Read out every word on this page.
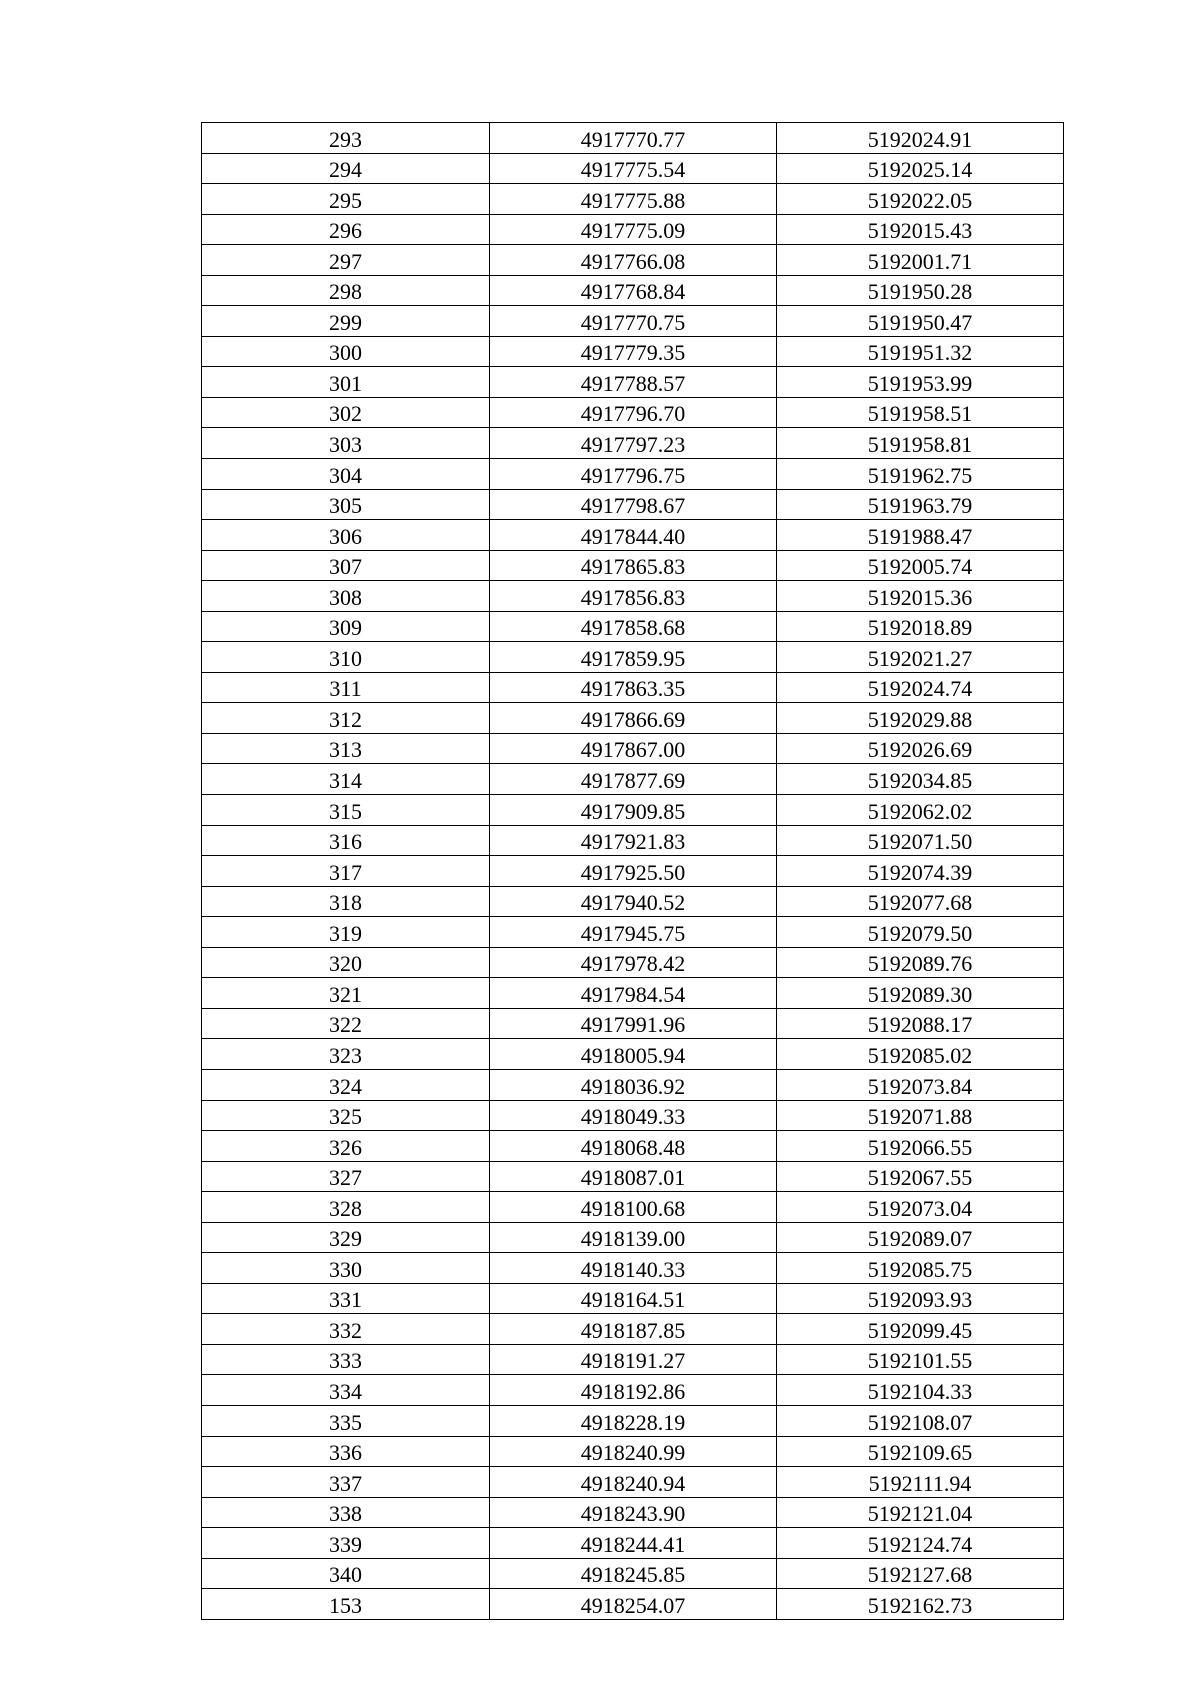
293	4917770.77	5192024.91
294	4917775.54	5192025.14
295	4917775.88	5192022.05
296	4917775.09	5192015.43
297	4917766.08	5192001.71
298	4917768.84	5191950.28
299	4917770.75	5191950.47
300	4917779.35	5191951.32
301	4917788.57	5191953.99
302	4917796.70	5191958.51
303	4917797.23	5191958.81
304	4917796.75	5191962.75
305	4917798.67	5191963.79
306	4917844.40	5191988.47
307	4917865.83	5192005.74
308	4917856.83	5192015.36
309	4917858.68	5192018.89
310	4917859.95	5192021.27
311	4917863.35	5192024.74
312	4917866.69	5192029.88
313	4917867.00	5192026.69
314	4917877.69	5192034.85
315	4917909.85	5192062.02
316	4917921.83	5192071.50
317	4917925.50	5192074.39
318	4917940.52	5192077.68
319	4917945.75	5192079.50
320	4917978.42	5192089.76
321	4917984.54	5192089.30
322	4917991.96	5192088.17
323	4918005.94	5192085.02
324	4918036.92	5192073.84
325	4918049.33	5192071.88
326	4918068.48	5192066.55
327	4918087.01	5192067.55
328	4918100.68	5192073.04
329	4918139.00	5192089.07
330	4918140.33	5192085.75
331	4918164.51	5192093.93
332	4918187.85	5192099.45
333	4918191.27	5192101.55
334	4918192.86	5192104.33
335	4918228.19	5192108.07
336	4918240.99	5192109.65
337	4918240.94	5192111.94
338	4918243.90	5192121.04
339	4918244.41	5192124.74
340	4918245.85	5192127.68
153	4918254.07	5192162.73
